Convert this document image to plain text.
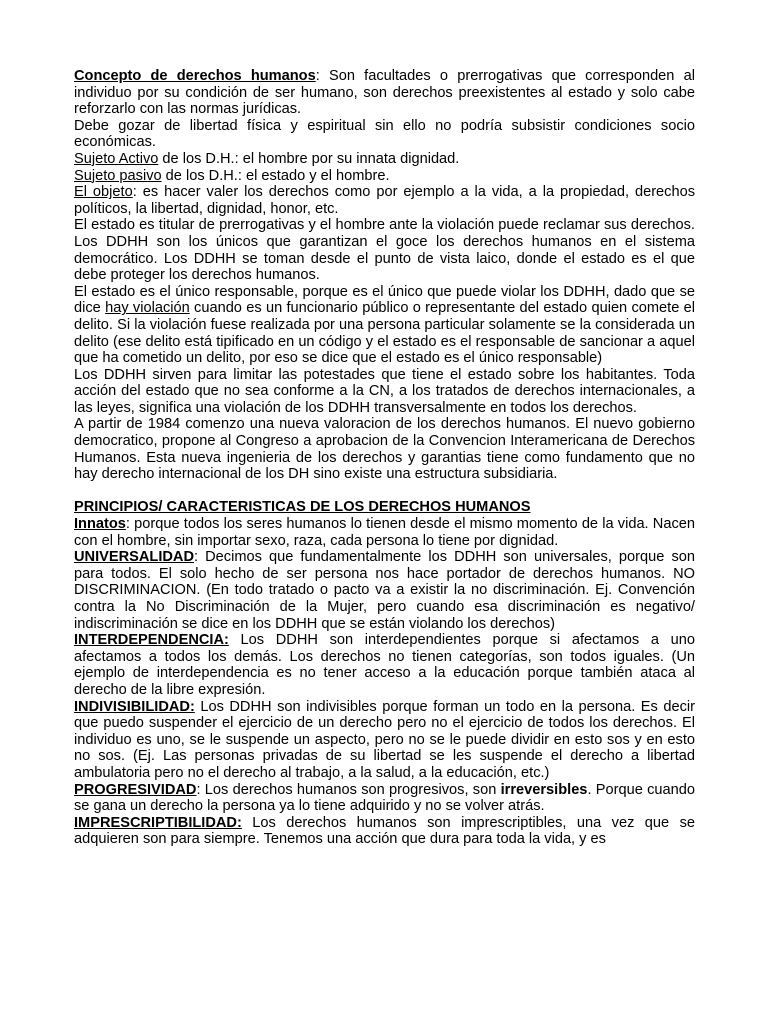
Concepto de derechos humanos: Son facultades o prerrogativas que corresponden al individuo por su condición de ser humano, son derechos preexistentes al estado y solo cabe reforzarlo con las normas jurídicas.

Debe gozar de libertad física y espiritual sin ello no podría subsistir condiciones socio económicas.

Sujeto Activo de los D.H.: el hombre por su innata dignidad.

Sujeto pasivo de los D.H.: el estado y el hombre.

El objeto: es hacer valer los derechos como por ejemplo a la vida, a la propiedad, derechos políticos, la libertad, dignidad, honor, etc.

El estado es titular de prerrogativas y el hombre ante la violación puede reclamar sus derechos. Los DDHH son los únicos que garantizan el goce los derechos humanos en el sistema democrático. Los DDHH se toman desde el punto de vista laico, donde el estado es el que debe proteger los derechos humanos.

El estado es el único responsable, porque es el único que puede violar los DDHH, dado que se dice hay violación cuando es un funcionario público o representante del estado quien comete el delito. Si la violación fuese realizada por una persona particular solamente se la considerada un delito (ese delito está tipificado en un código y el estado es el responsable de sancionar a aquel que ha cometido un delito, por eso se dice que el estado es el único responsable)

Los DDHH sirven para limitar las potestades que tiene el estado sobre los habitantes. Toda acción del estado que no sea conforme a la CN, a los tratados de derechos internacionales, a las leyes, significa una violación de los DDHH transversalmente en todos los derechos.

A partir de 1984 comenzo una nueva valoracion de los derechos humanos. El nuevo gobierno democratico, propone al Congreso a aprobacion de la Convencion Interamericana de Derechos Humanos. Esta nueva ingenieria de los derechos y garantias tiene como fundamento que no hay derecho internacional de los DH sino existe una estructura subsidiaria.

PRINCIPIOS/ CARACTERISTICAS DE LOS DERECHOS HUMANOS

Innatos: porque todos los seres humanos lo tienen desde el mismo momento de la vida. Nacen con el hombre, sin importar sexo, raza, cada persona lo tiene por dignidad.

UNIVERSALIDAD: Decimos que fundamentalmente los DDHH son universales, porque son para todos. El solo hecho de ser persona nos hace portador de derechos humanos. NO DISCRIMINACION. (En todo tratado o pacto va a existir la no discriminación. Ej. Convención contra la No Discriminación de la Mujer, pero cuando esa discriminación es negativo/ indiscriminación se dice en los DDHH que se están violando los derechos)

INTERDEPENDENCIA: Los DDHH son interdependientes porque si afectamos a uno afectamos a todos los demás. Los derechos no tienen categorías, son todos iguales. (Un ejemplo de interdependencia es no tener acceso a la educación porque también ataca al derecho de la libre expresión.

INDIVISIBILIDAD: Los DDHH son indivisibles porque forman un todo en la persona. Es decir que puedo suspender el ejercicio de un derecho pero no el ejercicio de todos los derechos. El individuo es uno, se le suspende un aspecto, pero no se le puede dividir en esto sos y en esto no sos. (Ej. Las personas privadas de su libertad se les suspende el derecho a libertad ambulatoria pero no el derecho al trabajo, a la salud, a la educación, etc.)

PROGRESIVIDAD: Los derechos humanos son progresivos, son irreversibles. Porque cuando se gana un derecho la persona ya lo tiene adquirido y no se volver atrás.

IMPRESCRIPTIBILIDAD: Los derechos humanos son imprescriptibles, una vez que se adquieren son para siempre. Tenemos una acción que dura para toda la vida, y es
